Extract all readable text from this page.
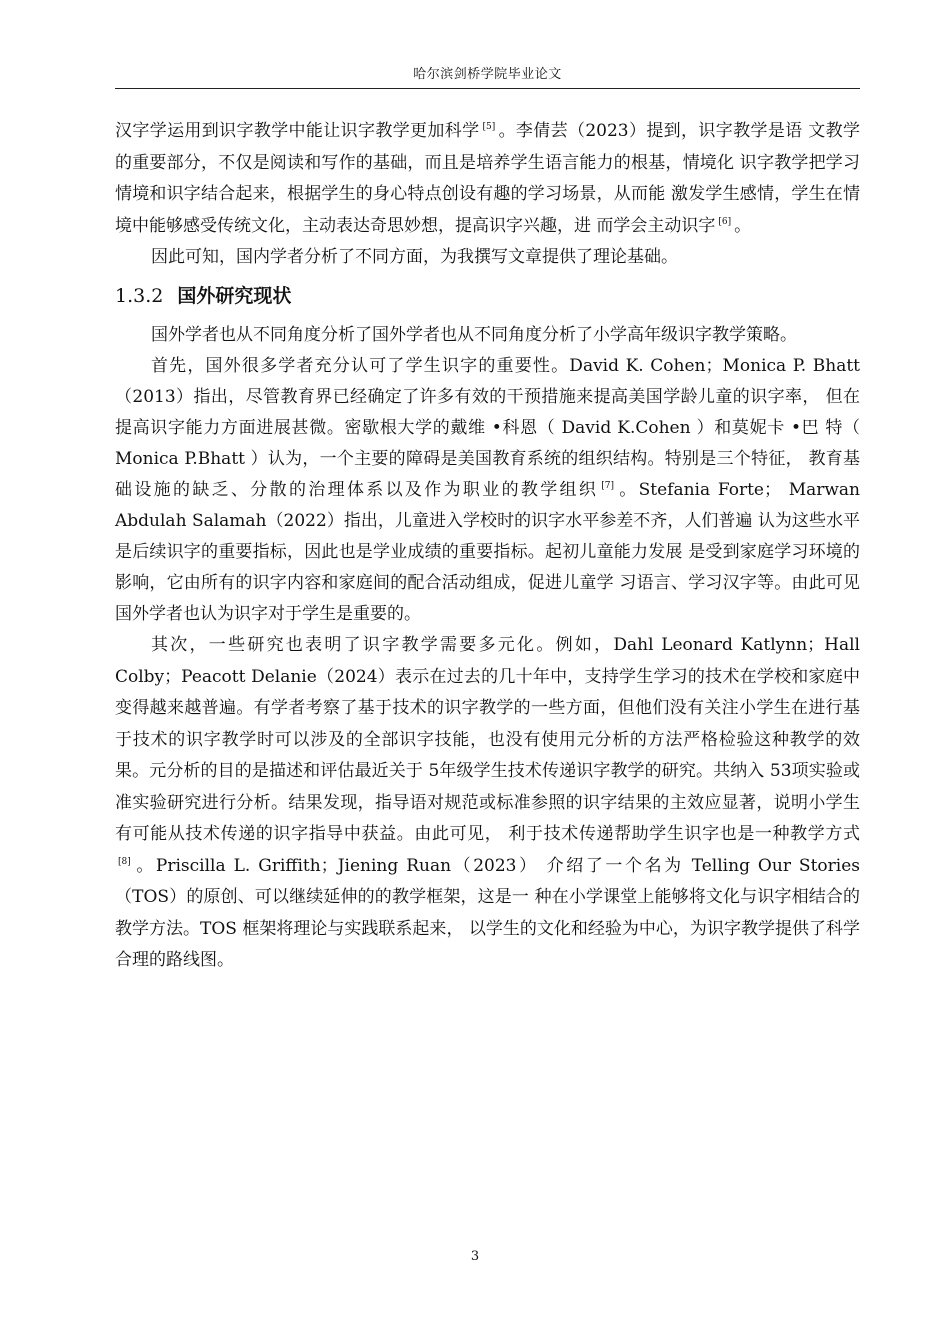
哈尔滨剑桥学院毕业论文

汉字学运用到识字教学中能让识字教学更加科学 [5] 。李倩芸（2023）提到，识字教学是语 文教学的重要部分，不仅是阅读和写作的基础，而且是培养学生语言能力的根基，情境化 识字教学把学习情境和识字结合起来，根据学生的身心特点创设有趣的学习场景，从而能 激发学生感情，学生在情境中能够感受传统文化，主动表达奇思妙想，提高识字兴趣，进 而学会主动识字 [6] 。

因此可知，国内学者分析了不同方面，为我撰写文章提供了理论基础。

1.3.2 国外研究现状

国外学者也从不同角度分析了国外学者也从不同角度分析了小学高年级识字教学策略。

首先，国外很多学者充分认可了学生识字的重要性。David K. Cohen；Monica P. Bhatt（2013）指出，尽管教育界已经确定了许多有效的干预措施来提高美国学龄儿童的识字率， 但在提高识字能力方面进展甚微。密歇根大学的戴维 •科恩（ David K.Cohen ）和莫妮卡 •巴 特（ Monica P.Bhatt ）认为，一个主要的障碍是美国教育系统的组织结构。特别是三个特征， 教育基础设施的缺乏、分散的治理体系以及作为职业的教学组织 [7] 。Stefania Forte； Marwan Abdulah Salamah（2022）指出，儿童进入学校时的识字水平参差不齐，人们普遍 认为这些水平是后续识字的重要指标，因此也是学业成绩的重要指标。起初儿童能力发展 是受到家庭学习环境的影响，它由所有的识字内容和家庭间的配合活动组成，促进儿童学 习语言、学习汉字等。由此可见国外学者也认为识字对于学生是重要的。

其次，一些研究也表明了识字教学需要多元化。例如，Dahl Leonard Katlynn；Hall Colby；Peacott Delanie（2024）表示在过去的几十年中，支持学生学习的技术在学校和家庭中变得越来越普遍。有学者考察了基于技术的识字教学的一些方面，但他们没有关注小学生在进行基于技术的识字教学时可以涉及的全部识字技能，也没有使用元分析的方法严格检验这种教学的效果。元分析的目的是描述和评估最近关于 5年级学生技术传递识字教学的研究。共纳入 53项实验或准实验研究进行分析。结果发现，指导语对规范或标准参照的识字结果的主效应显著，说明小学生有可能从技术传递的识字指导中获益。由此可见， 利于技术传递帮助学生识字也是一种教学方式[8] 。Priscilla L. Griffith；Jiening Ruan（2023） 介绍了一个名为 Telling Our Stories（TOS）的原创、可以继续延伸的的教学框架，这是一 种在小学课堂上能够将文化与识字相结合的教学方法。TOS 框架将理论与实践联系起来， 以学生的文化和经验为中心，为识字教学提供了科学合理的路线图。

3
